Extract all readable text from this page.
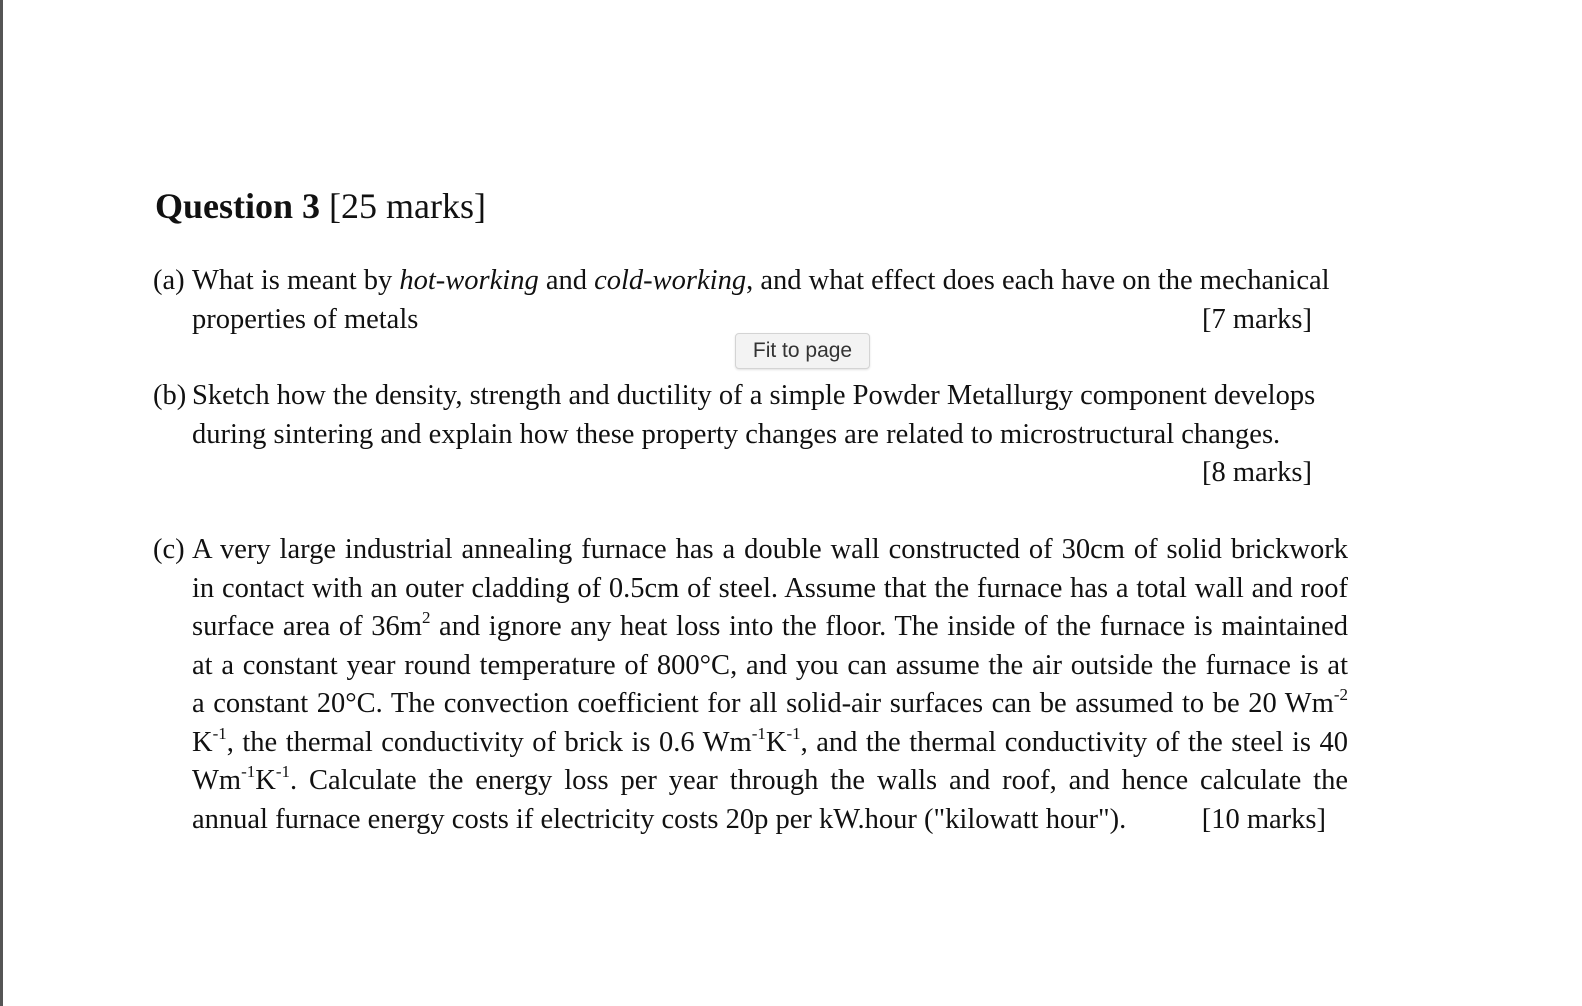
Question 3 [25 marks]
(a) What is meant by hot-working and cold-working, and what effect does each have on the mechanical
properties of metals	[7 marks]
(b) Sketch how the density, strength and ductility of a simple Powder Metallurgy component develops
during sintering and explain how these property changes are related to microstructural changes.

[8 marks]
(c) A very large industrial annealing furnace has a double wall constructed of 30cm of solid brickwork
in contact with an outer cladding of 0.5cm of steel. Assume that the furnace has a total wall and roof
surface area of $36m^2$ and ignore any heat loss into the floor. The inside of the furnace is maintained
at a constant year round temperature of 800°C, and you can assume the air outside the furnace is at
a constant 20°C. The convection coefficient for all solid-air surfaces can be assumed to be 20 $Wm^{-2}$
$K^{-1}$, the thermal conductivity of brick is 0.6 $Wm^{-1}K^{-1}$, and the thermal conductivity of the steel is 40
$Wm^{-1}K^{-1}$. Calculate the energy loss per year through the walls and roof, and hence calculate the
annual furnace energy costs if electricity costs 20p per kW.hour ("kilowatt hour").	[10 marks]
Fit to page
